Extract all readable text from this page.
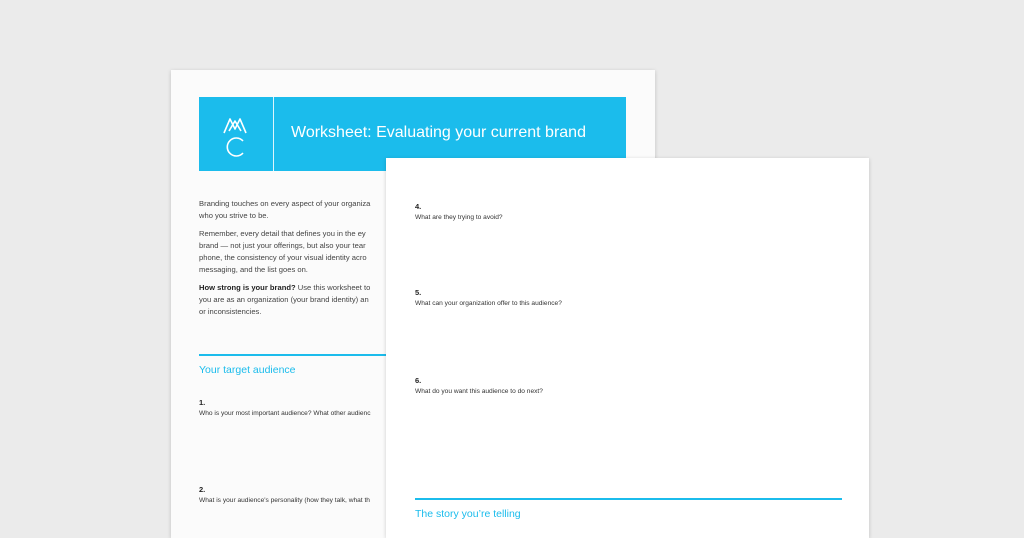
Worksheet: Evaluating your current brand

Branding touches on every aspect of your organiza

who you strive to be.

Remember, every detail that defines you in the ey

brand — not just your offerings, but also your tear

phone, the consistency of your visual identity acro

messaging, and the list goes on.

How strong is your brand? Use this worksheet to

you are as an organization (your brand identity) an

or inconsistencies.

Your target audience
1.
Who is your most important audience? What other audienc
2.
What is your audience's personality (how they talk, what th
4.
What are they trying to avoid?
5.
What can your organization offer to this audience?
6.
What do you want this audience to do next?
The story you’re telling
